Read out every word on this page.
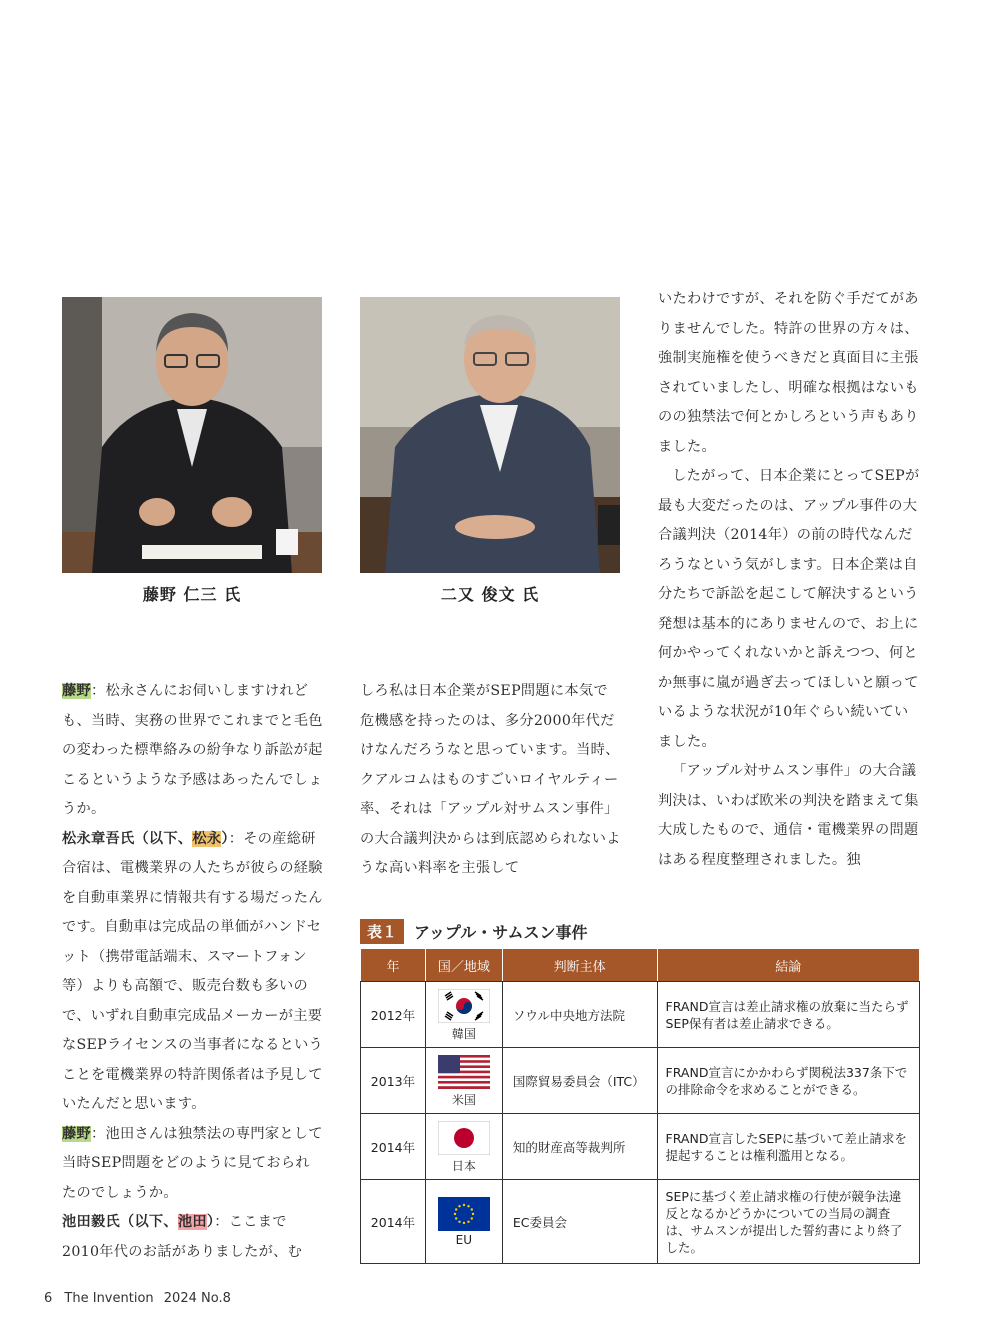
藤野 仁三 氏	二又 俊文 氏

藤野：松永さんにお伺いしますけれども、当時、実務の世界でこれまでと毛色の変わった標準絡みの紛争なり訴訟が起こるというような予感はあったんでしょうか。

松永章吾氏（以下、松永）：その産総研合宿は、電機業界の人たちが彼らの経験を自動車業界に情報共有する場だったんです。自動車は完成品の単価がハンドセット（携帯電話端末、スマートフォン等）よりも高額で、販売台数も多いので、いずれ自動車完成品メーカーが主要なSEPライセンスの当事者になるということを電機業界の特許関係者は予見していたんだと思います。

藤野：池田さんは独禁法の専門家として当時SEP問題をどのように見ておられたのでしょうか。

池田毅氏（以下、池田）：ここまで2010年代のお話がありましたが、む

しろ私は日本企業がSEP問題に本気で危機感を持ったのは、多分2000年代だけなんだろうなと思っています。当時、クアルコムはものすごいロイヤルティー率、それは「アップル対サムスン事件」の大合議判決からは到底認められないような高い料率を主張して

いたわけですが、それを防ぐ手だてがありませんでした。特許の世界の方々は、強制実施権を使うべきだと真面目に主張されていましたし、明確な根拠はないものの独禁法で何とかしろという声もありました。

したがって、日本企業にとってSEPが最も大変だったのは、アップル事件の大合議判決（2014年）の前の時代なんだろうなという気がします。日本企業は自分たちで訴訟を起こして解決するという発想は基本的にありませんので、お上に何かやってくれないかと訴えつつ、何とか無事に嵐が過ぎ去ってほしいと願っているような状況が10年ぐらい続いていました。

「アップル対サムスン事件」の大合議判決は、いわば欧米の判決を踏まえて集大成したもので、通信・電機業界の問題はある程度整理されました。独

表１	アップル・サムスン事件
年	国／地域	判断主体	結論
2012年	韓国	ソウル中央地方法院	FRAND宣言は差止請求権の放棄に当たらずSEP保有者は差止請求できる。
2013年	米国	国際貿易委員会（ITC）	FRAND宣言にかかわらず関税法337条下での排除命令を求めることができる。
2014年	日本	知的財産高等裁判所	FRAND宣言したSEPに基づいて差止請求を提起することは権利濫用となる。
2014年	EU	EC委員会	SEPに基づく差止請求権の行使が競争法違反となるかどうかについての当局の調査は、サムスンが提出した誓約書により終了した。
6 The Invention 2024 No.8
